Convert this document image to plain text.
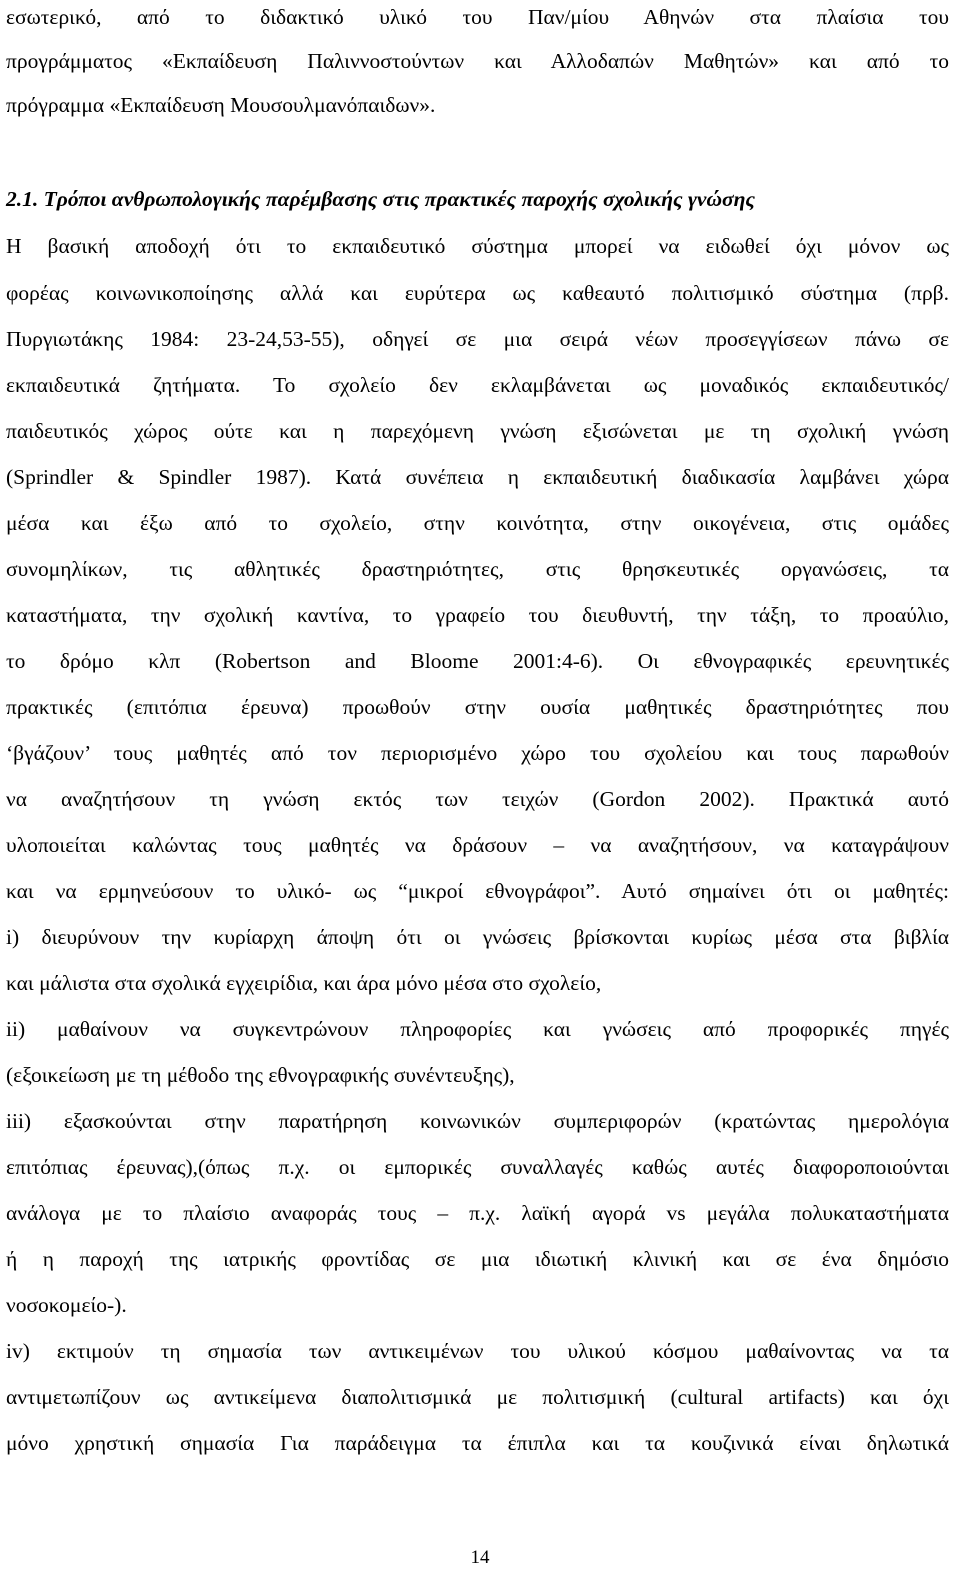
εσωτερικό, από το διδακτικό υλικό του Παν/μίου Αθηνών στα πλαίσια του
προγράμματος «Εκπαίδευση Παλιννοστούντων και Αλλοδαπών Μαθητών» και από το
πρόγραμμα «Εκπαίδευση Μουσουλμανόπαιδων».
2.1. Τρόποι ανθρωπολογικής παρέμβασης στις πρακτικές παροχής σχολικής γνώσης
Η βασική αποδοχή ότι το εκπαιδευτικό σύστημα μπορεί να ειδωθεί όχι μόνον ως
φορέας κοινωνικοποίησης αλλά και ευρύτερα ως καθεαυτό πολιτισμικό σύστημα (πρβ.
Πυργιωτάκης 1984: 23-24,53-55), οδηγεί σε μια σειρά νέων προσεγγίσεων πάνω σε
εκπαιδευτικά ζητήματα. Το σχολείο δεν εκλαμβάνεται ως μοναδικός εκπαιδευτικός/
παιδευτικός χώρος ούτε και η παρεχόμενη γνώση εξισώνεται με τη σχολική γνώση
(Sprindler & Spindler 1987). Κατά συνέπεια η εκπαιδευτική διαδικασία λαμβάνει χώρα
μέσα και έξω από το σχολείο, στην κοινότητα, στην οικογένεια, στις ομάδες
συνομηλίκων, τις αθλητικές δραστηριότητες, στις θρησκευτικές οργανώσεις, τα
καταστήματα, την σχολική καντίνα, το γραφείο του διευθυντή, την τάξη, το προαύλιο,
το δρόμο κλπ (Robertson and Bloome 2001:4-6). Οι εθνογραφικές ερευνητικές
πρακτικές (επιτόπια έρευνα) προωθούν στην ουσία μαθητικές δραστηριότητες που
‘βγάζουν’ τους μαθητές από τον περιορισμένο χώρο του σχολείου και τους παρωθούν
να αναζητήσουν τη γνώση εκτός των τειχών (Gordon 2002). Πρακτικά αυτό
υλοποιείται καλώντας τους μαθητές να δράσουν – να αναζητήσουν, να καταγράψουν
και να ερμηνεύσουν το υλικό- ως “μικροί εθνογράφοι”. Αυτό σημαίνει ότι οι μαθητές:
i) διευρύνουν την κυρίαρχη άποψη ότι οι γνώσεις βρίσκονται κυρίως μέσα στα βιβλία
και μάλιστα στα σχολικά εγχειρίδια, και άρα μόνο μέσα στο σχολείο,
ii) μαθαίνουν να συγκεντρώνουν πληροφορίες και γνώσεις από προφορικές πηγές
(εξοικείωση με τη μέθοδο της εθνογραφικής συνέντευξης),
iii) εξασκούνται στην παρατήρηση κοινωνικών συμπεριφορών (κρατώντας ημερολόγια
επιτόπιας έρευνας),(όπως π.χ. οι εμπορικές συναλλαγές καθώς αυτές διαφοροποιούνται
ανάλογα με το πλαίσιο αναφοράς τους – π.χ. λαϊκή αγορά vs μεγάλα πολυκαταστήματα
ή η παροχή της ιατρικής φροντίδας σε μια ιδιωτική κλινική και σε ένα δημόσιο
νοσοκομείο-).
iv) εκτιμούν τη σημασία των αντικειμένων του υλικού κόσμου μαθαίνοντας να τα
αντιμετωπίζουν ως αντικείμενα διαπολιτισμικά με πολιτισμική (cultural artifacts) και όχι
μόνο χρηστική σημασία Για παράδειγμα τα έπιπλα και τα κουζινικά είναι δηλωτικά
14
